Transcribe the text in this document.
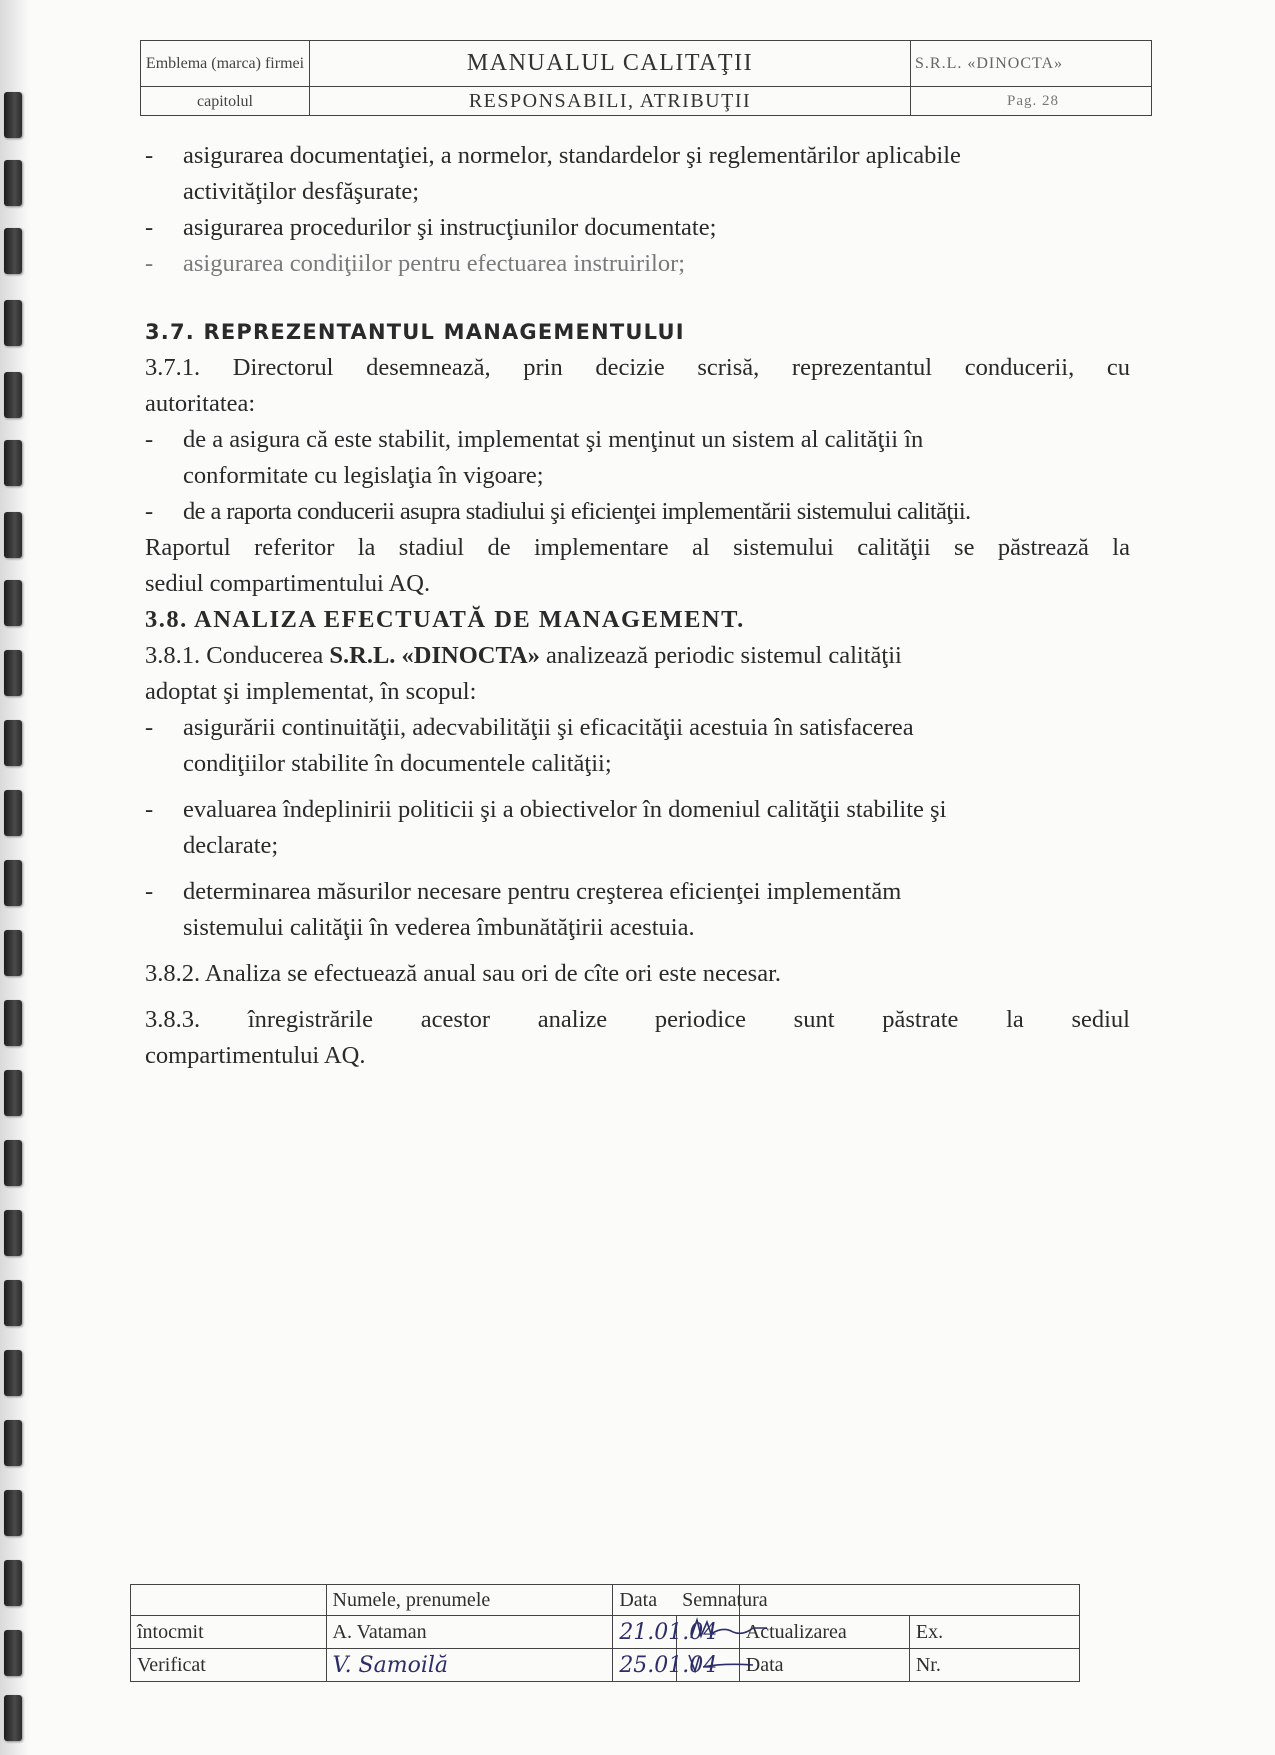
Emblema (marca) firmei	MANUALUL CALITAŢII	S.R.L. «DINOCTA»
capitolul	RESPONSABILI, ATRIBUŢII	Pag. 28
- asigurarea documentaţiei, a normelor, standardelor şi reglementărilor aplicabile
activităţilor desfăşurate;
- asigurarea procedurilor şi instrucţiunilor documentate;
- asigurarea condiţiilor pentru efectuarea instruirilor;
3.7. REPREZENTANTUL MANAGEMENTULUI
3.7.1. Directorul desemnează, prin decizie scrisă, reprezentantul conducerii, cu
autoritatea:
- de a asigura că este stabilit, implementat şi menţinut un sistem al calităţii în
conformitate cu legislaţia în vigoare;
- de a raporta conducerii asupra stadiului şi eficienţei implementării sistemului calităţii.
Raportul referitor la stadiul de implementare al sistemului calităţii se păstrează la
sediul compartimentului AQ.
3.8. ANALIZA EFECTUATĂ DE MANAGEMENT.
3.8.1. Conducerea S.R.L. «DINOCTA» analizează periodic sistemul calităţii
adoptat şi implementat, în scopul:
- asigurării continuităţii, adecvabilităţii şi eficacităţii acestuia în satisfacerea
condiţiilor stabilite în documentele calităţii;
- evaluarea îndeplinirii politicii şi a obiectivelor în domeniul calităţii stabilite şi
declarate;
- determinarea măsurilor necesare pentru creşterea eficienţei implementăm
sistemului calităţii în vederea îmbunătăţirii acestuia.
3.8.2. Analiza se efectuează anual sau ori de cîte ori este necesar.
3.8.3. înregistrările acestor analize periodice sunt păstrate la sediul
compartimentului AQ.
	Numele, prenumele	Data Semnatura			
întocmit	A. Vataman	21.01.04		Actualizarea	Ex.
Verificat	V. Samoilă	25.01.04		Data	Nr.
